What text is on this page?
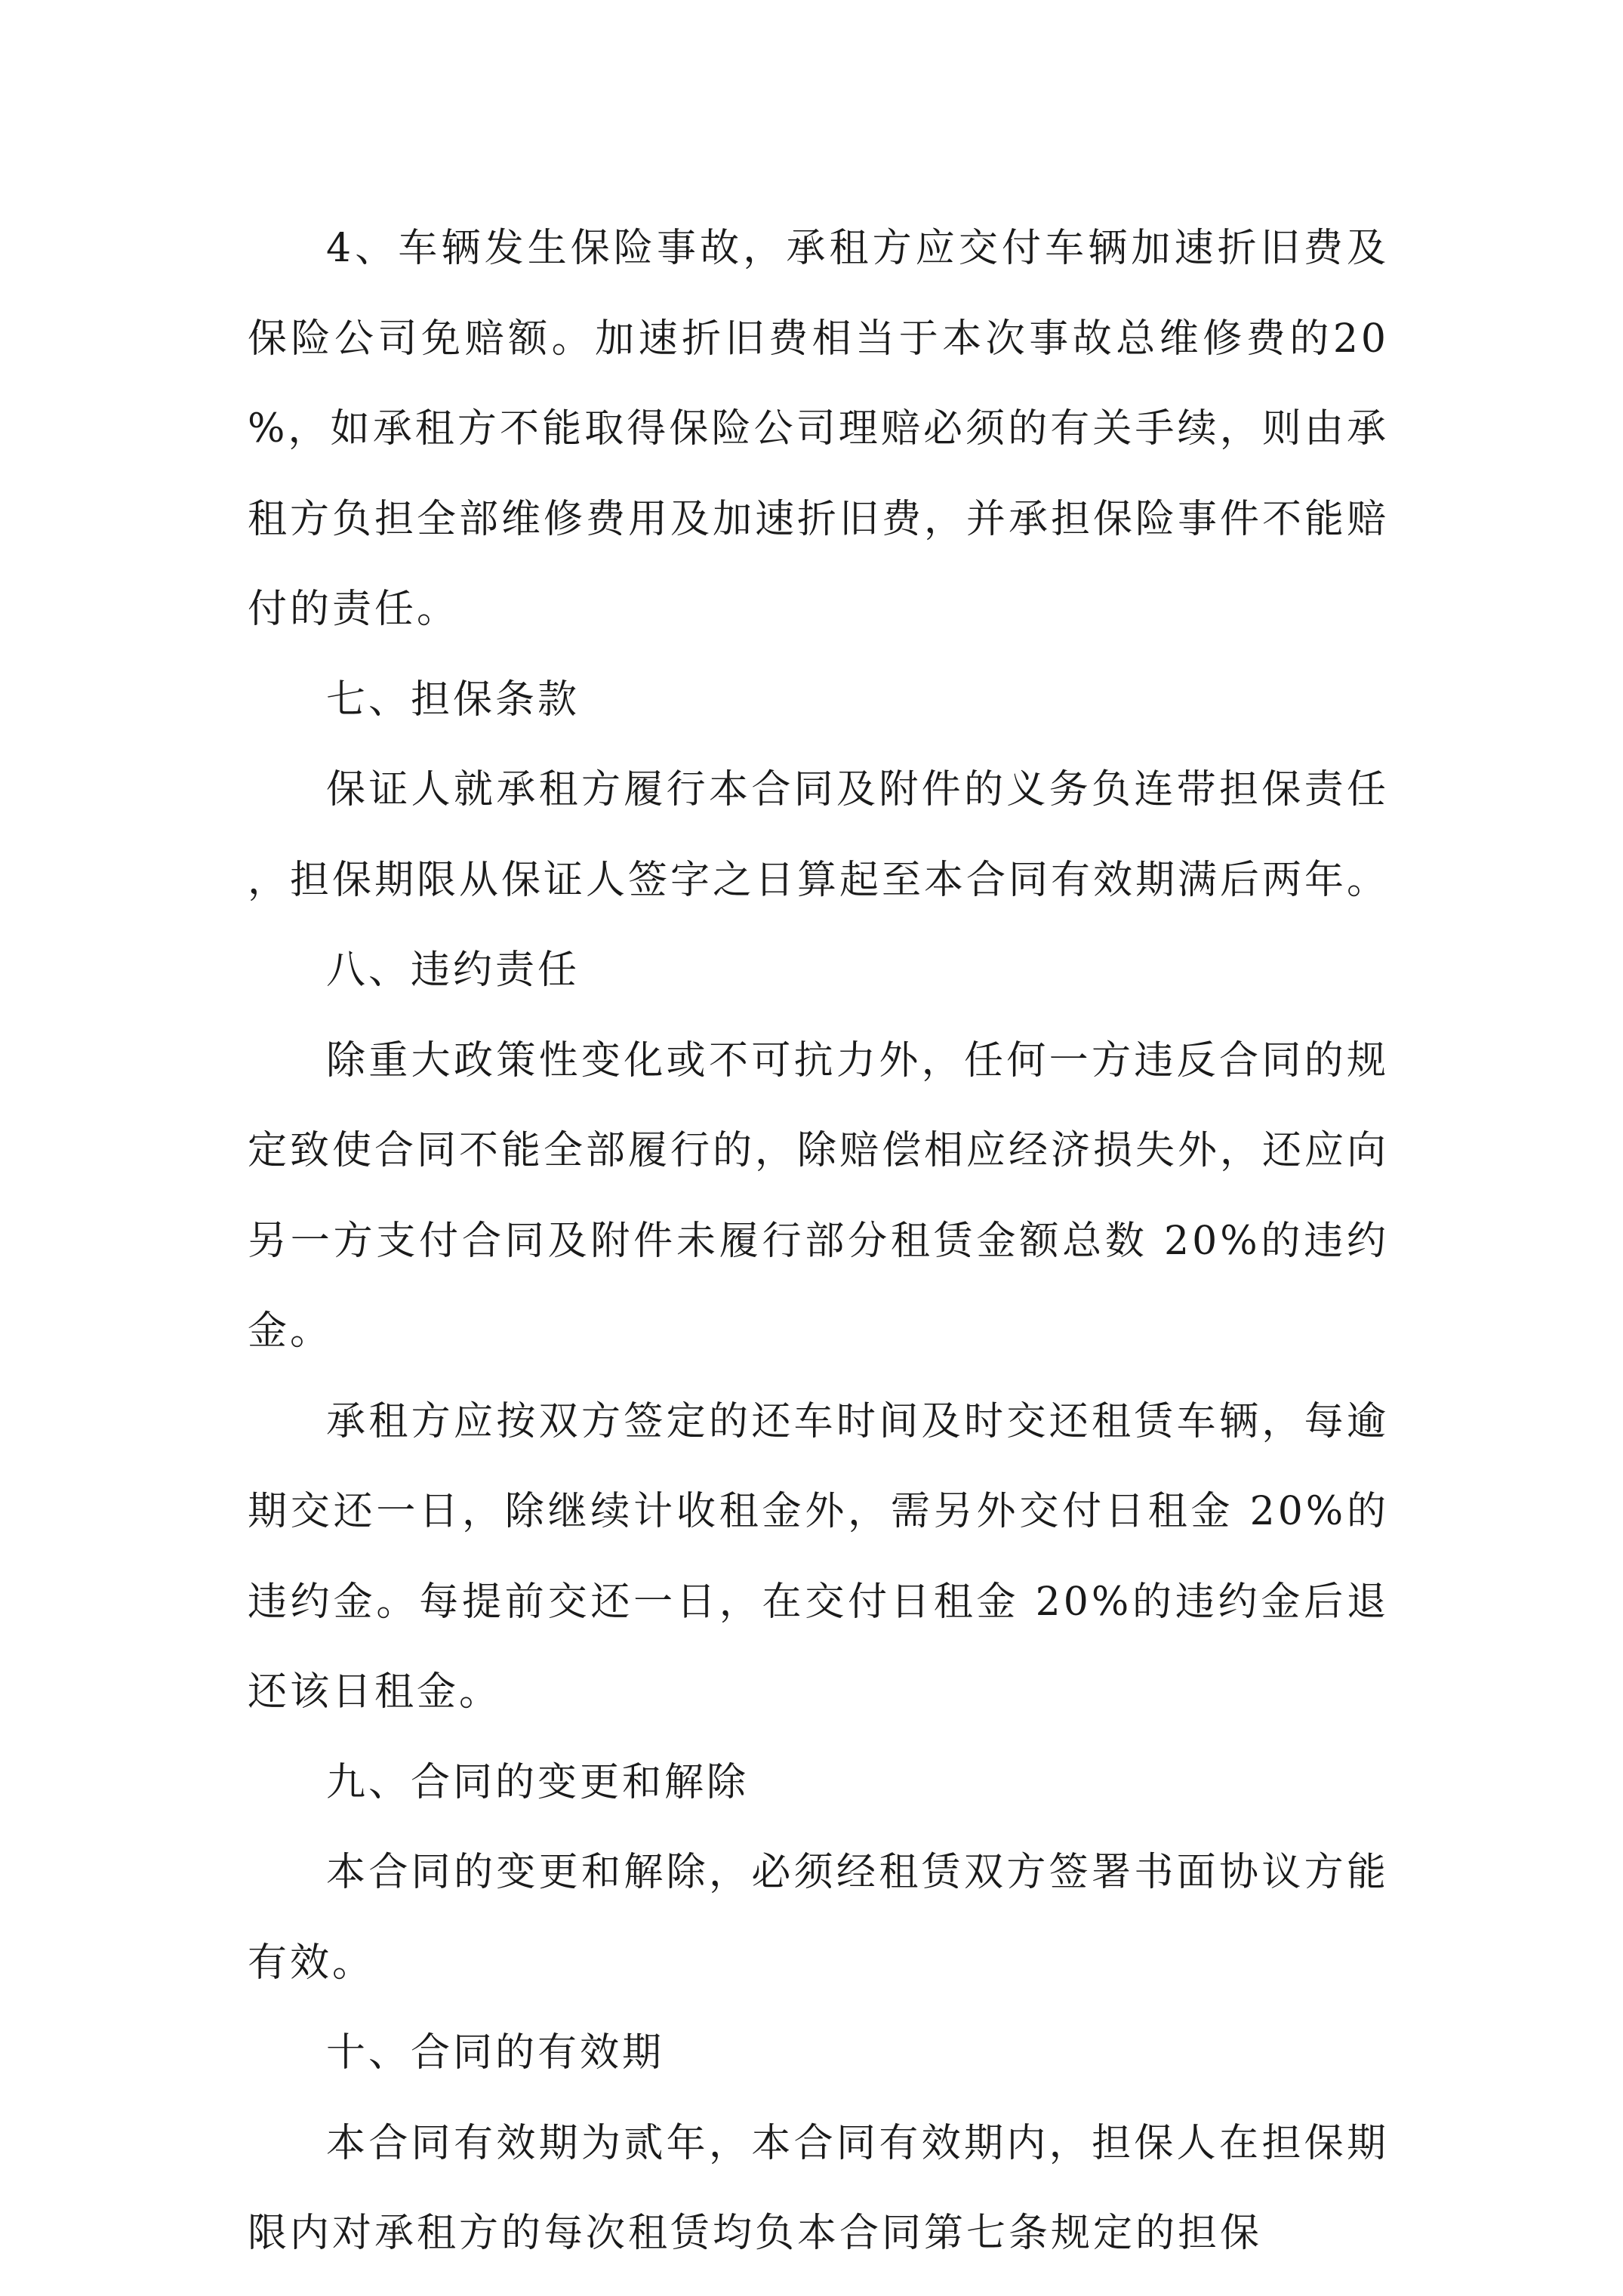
4、车辆发生保险事故，承租方应交付车辆加速折旧费及保险公司免赔额。加速折旧费相当于本次事故总维修费的20%，如承租方不能取得保险公司理赔必须的有关手续，则由承租方负担全部维修费用及加速折旧费，并承担保险事件不能赔付的责任。

七、担保条款

保证人就承租方履行本合同及附件的义务负连带担保责任，担保期限从保证人签字之日算起至本合同有效期满后两年。

八、违约责任

除重大政策性变化或不可抗力外，任何一方违反合同的规定致使合同不能全部履行的，除赔偿相应经济损失外，还应向另一方支付合同及附件未履行部分租赁金额总数 20%的违约金。

承租方应按双方签定的还车时间及时交还租赁车辆，每逾期交还一日，除继续计收租金外，需另外交付日租金 20%的违约金。每提前交还一日，在交付日租金 20%的违约金后退还该日租金。

九、合同的变更和解除

本合同的变更和解除，必须经租赁双方签署书面协议方能有效。

十、合同的有效期

本合同有效期为贰年，本合同有效期内，担保人在担保期限内对承租方的每次租赁均负本合同第七条规定的担保
